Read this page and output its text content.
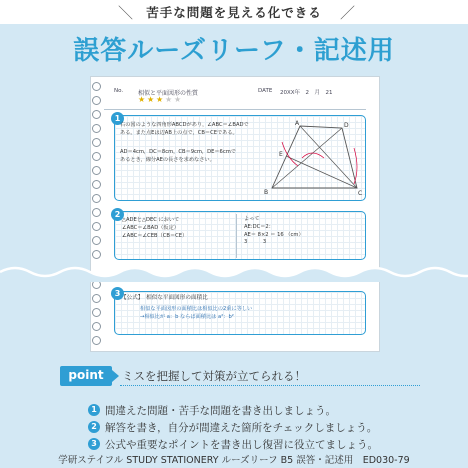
＼	苦手な問題を見える化できる	／
誤答ルーズリーフ・記述用
No. 相似と平面図形の性質	DATE 20XX年　2　月　21
★ ★ ★ ★ ★
1
右の図のような四角形ABCDがあり，∠ABC＝∠BADで
ある。また点Eは辺AB上の点で，CB＝CEである。
AD＝4cm，DC＝8cm，CB＝9cm，DE＝6cmで
あるとき，線分AEの長さを求めなさい。
B	C
D
A
E
2
△ADEと△DEC において
∠ABC＝∠BAD（仮定）
∠ABC＝∠CEB（CB＝CE）
よって
AE:DC＝2：
AE＝ 8×2 ＝ 16 （cm）
3　　　3
3 【公式】　相似な平面図形の面積比
相似な平面図形の面積比は相似比の2乗に等しい
→相似比が a：b ならば面積比は a²：b²
point	ミスを把握して対策が立てられる！
1 間違えた問題・苦手な問題を書き出しましょう。
2 解答を書き，自分が間違えた箇所をチェックしましょう。
3 公式や重要なポイントを書き出し復習に役立てましょう。
学研ステイフル STUDY STATIONERY ルーズリーフ B5 誤答・記述用　ED030-79
